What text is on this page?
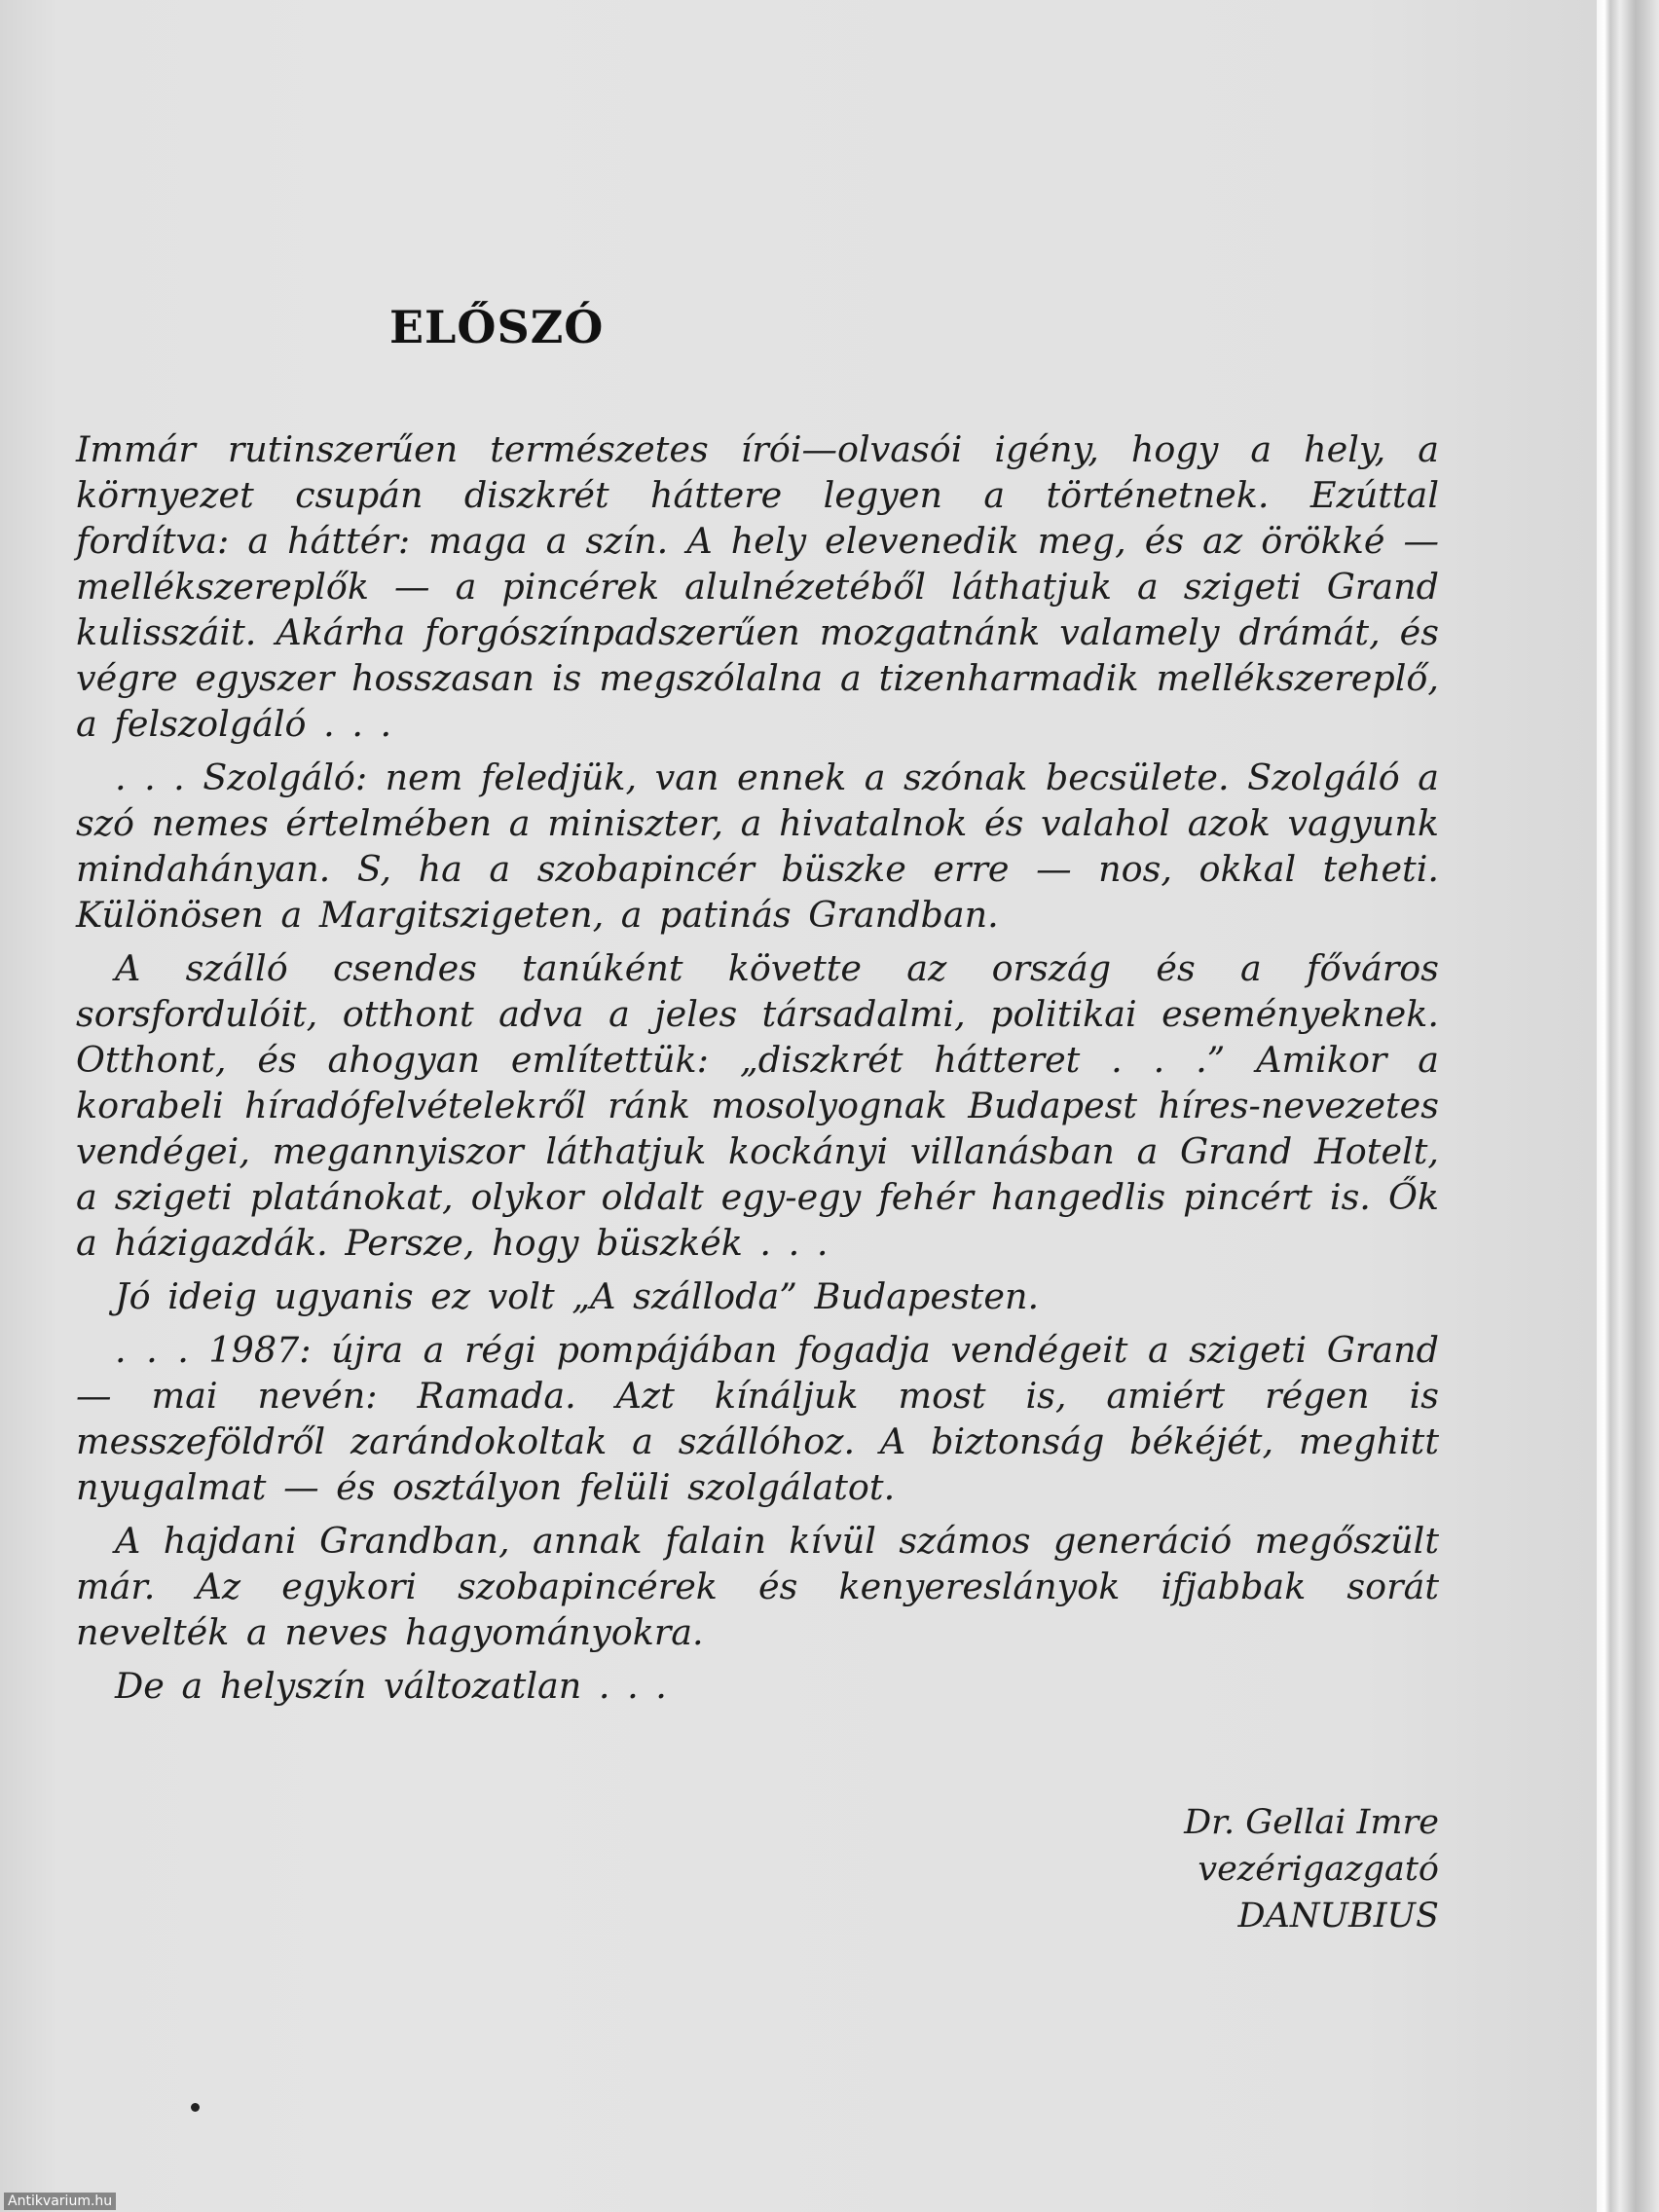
ELŐSZÓ

Immár rutinszerűen természetes írói—olvasói igény, hogy a hely, a környezet csupán diszkrét háttere legyen a történetnek. Ezúttal fordítva: a háttér: maga a szín. A hely elevenedik meg, és az örökké — mellékszereplők — a pincérek alulnézetéből láthatjuk a szigeti Grand kulisszáit. Akárha forgószínpadszerűen mozgatnánk valamely drámát, és végre egyszer hosszasan is megszólalna a tizenharmadik mellékszereplő, a felszolgáló . . .

. . . Szolgáló: nem feledjük, van ennek a szónak becsülete. Szolgáló a szó nemes értelmében a miniszter, a hivatalnok és valahol azok vagyunk mindahányan. S, ha a szobapincér büszke erre — nos, okkal teheti. Különösen a Margitszigeten, a patinás Grandban.

A szálló csendes tanúként követte az ország és a főváros sorsfordulóit, otthont adva a jeles társadalmi, politikai eseményeknek. Otthont, és ahogyan említettük: „diszkrét hátteret . . .” Amikor a korabeli híradófelvételekről ránk mosolyognak Budapest híres-nevezetes vendégei, megannyiszor láthatjuk kockányi villanásban a Grand Hotelt, a szigeti platánokat, olykor oldalt egy-egy fehér hangedlis pincért is. Ők a házigazdák. Persze, hogy büszkék . . .

Jó ideig ugyanis ez volt „A szálloda” Budapesten.

. . . 1987: újra a régi pompájában fogadja vendégeit a szigeti Grand — mai nevén: Ramada. Azt kínáljuk most is, amiért régen is messzeföldről zarándokoltak a szállóhoz. A biztonság békéjét, meghitt nyugalmat — és osztályon felüli szolgálatot.

A hajdani Grandban, annak falain kívül számos generáció megőszült már. Az egykori szobapincérek és kenyereslányok ifjabbak sorát nevelték a neves hagyományokra.

De a helyszín változatlan . . .

Dr. Gellai Imre
vezérigazgató
DANUBIUS
Antikvarium.hu
